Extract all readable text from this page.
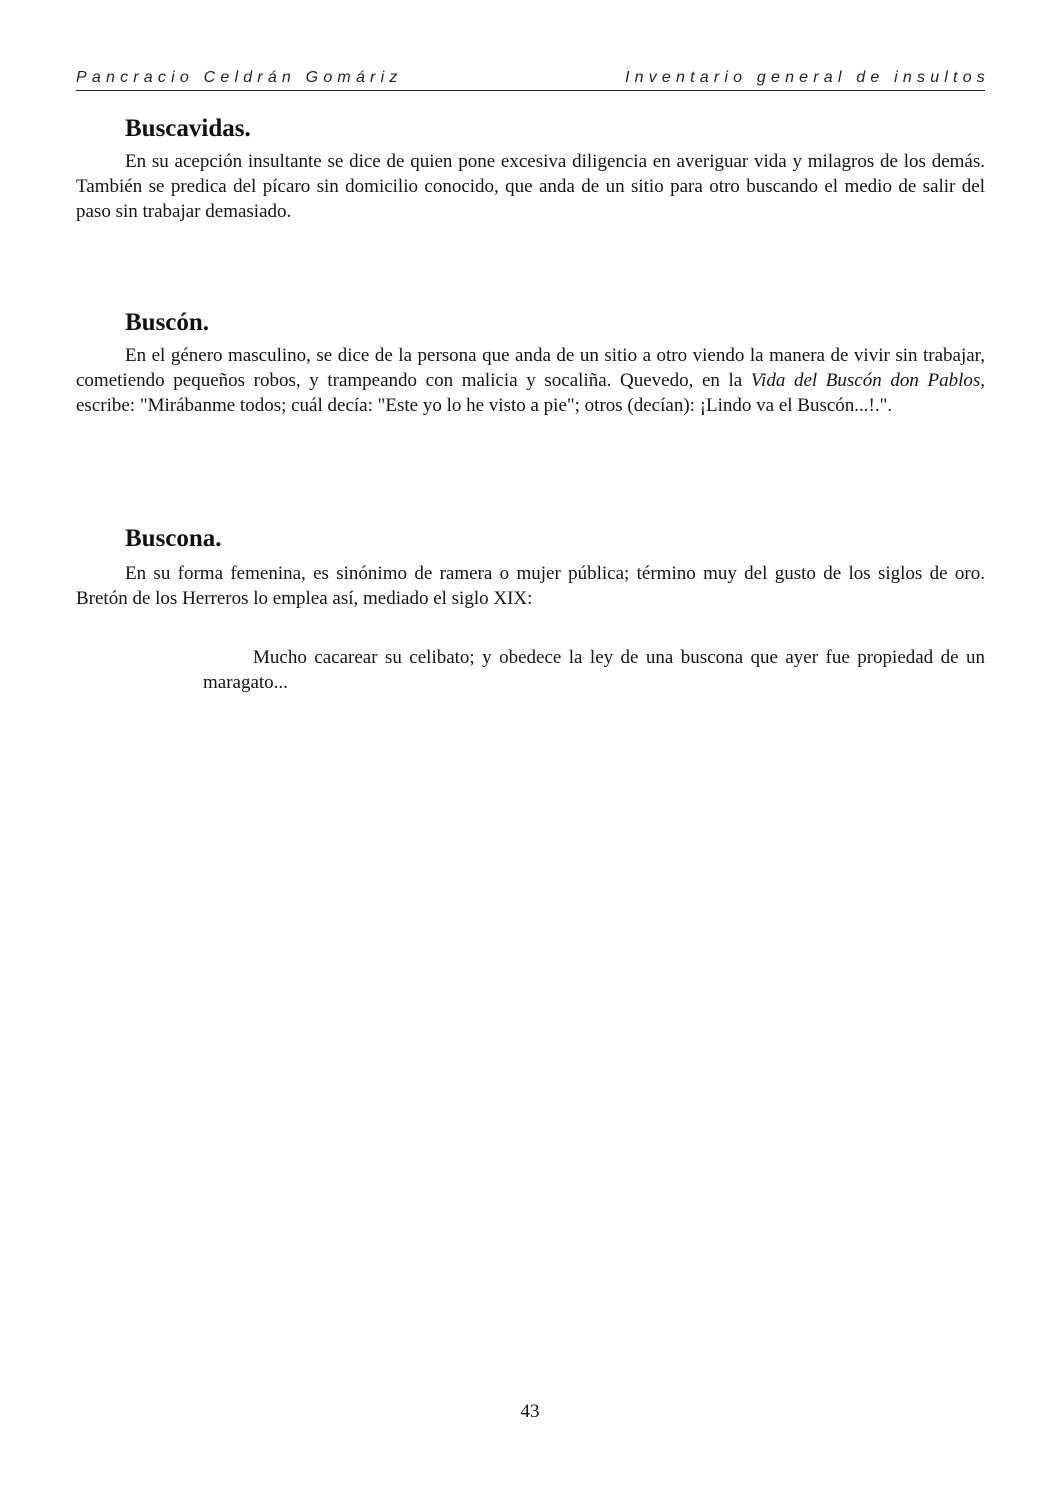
Pancracio Celdrán Gomáriz	Inventario general de insultos
Buscavidas.

En su acepción insultante se dice de quien pone excesiva diligencia en averiguar vida y milagros de los demás. También se predica del pícaro sin domicilio conocido, que anda de un sitio para otro buscando el medio de salir del paso sin trabajar demasiado.

Buscón.

En el género masculino, se dice de la persona que anda de un sitio a otro viendo la manera de vivir sin trabajar, cometiendo pequeños robos, y trampeando con malicia y socaliña. Quevedo, en la Vida del Buscón don Pablos, escribe: "Mirábanme todos; cuál decía: "Este yo lo he visto a pie"; otros (decían): ¡Lindo va el Buscón...!.".

Buscona.

En su forma femenina, es sinónimo de ramera o mujer pública; término muy del gusto de los siglos de oro. Bretón de los Herreros lo emplea así, mediado el siglo XIX:

Mucho cacarear su celibato; y obedece la ley de una buscona que ayer fue propiedad de un maragato...

43
